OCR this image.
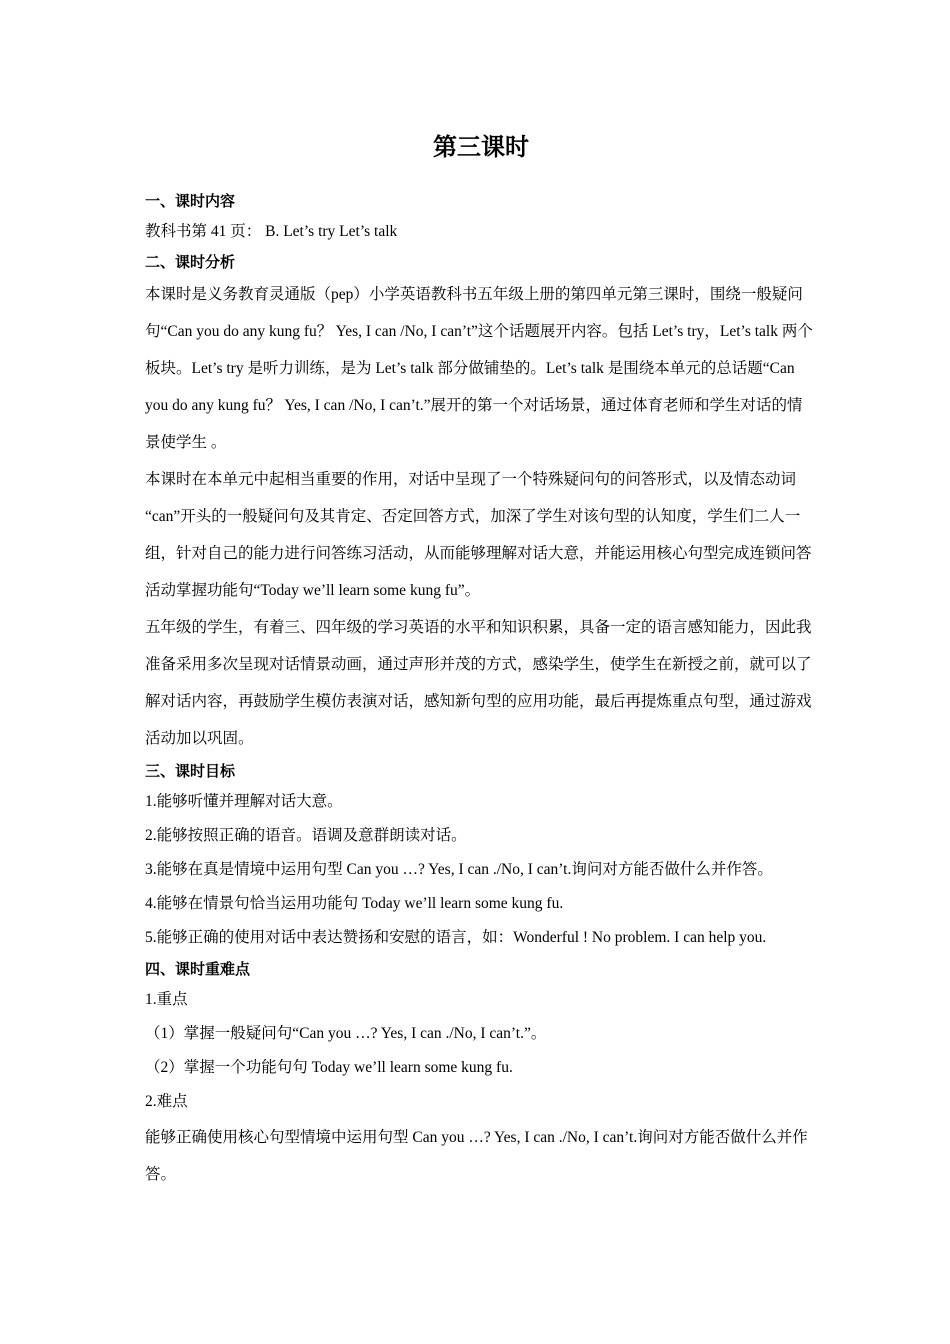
第三课时

一、课时内容

教科书第 41 页： B. Let’s try Let’s talk

二、课时分析

本课时是义务教育灵通版（pep）小学英语教科书五年级上册的第四单元第三课时，围绕一般疑问句“Can you do any kung fu？ Yes, I can /No, I can’t”这个话题展开内容。包括 Let’s try，Let’s talk 两个板块。Let’s try 是听力训练，是为 Let’s talk 部分做铺垫的。Let’s talk 是围绕本单元的总话题“Can you do any kung fu？ Yes, I can /No, I can’t.”展开的第一个对话场景，通过体育老师和学生对话的情景使学生 。

本课时在本单元中起相当重要的作用，对话中呈现了一个特殊疑问句的问答形式，以及情态动词 “can”开头的一般疑问句及其肯定、否定回答方式，加深了学生对该句型的认知度，学生们二人一组，针对自己的能力进行问答练习活动，从而能够理解对话大意，并能运用核心句型完成连锁问答活动掌握功能句“Today we’ll learn some kung fu”。

五年级的学生，有着三、四年级的学习英语的水平和知识积累，具备一定的语言感知能力，因此我准备采用多次呈现对话情景动画，通过声形并茂的方式，感染学生，使学生在新授之前，就可以了解对话内容，再鼓励学生模仿表演对话，感知新句型的应用功能，最后再提炼重点句型，通过游戏活动加以巩固。

三、课时目标

1.能够听懂并理解对话大意。

2.能够按照正确的语音。语调及意群朗读对话。

3.能够在真是情境中运用句型 Can you …? Yes, I can ./No, I can’t.询问对方能否做什么并作答。

4.能够在情景句恰当运用功能句 Today we’ll learn some kung fu.

5.能够正确的使用对话中表达赞扬和安慰的语言，如：Wonderful ! No problem. I can help you.

四、课时重难点

1.重点

（1）掌握一般疑问句“Can you …? Yes, I can ./No, I can’t.”。

（2）掌握一个功能句句 Today we’ll learn some kung fu.

2.难点

能够正确使用核心句型情境中运用句型 Can you …? Yes, I can ./No, I can’t.询问对方能否做什么并作答。
